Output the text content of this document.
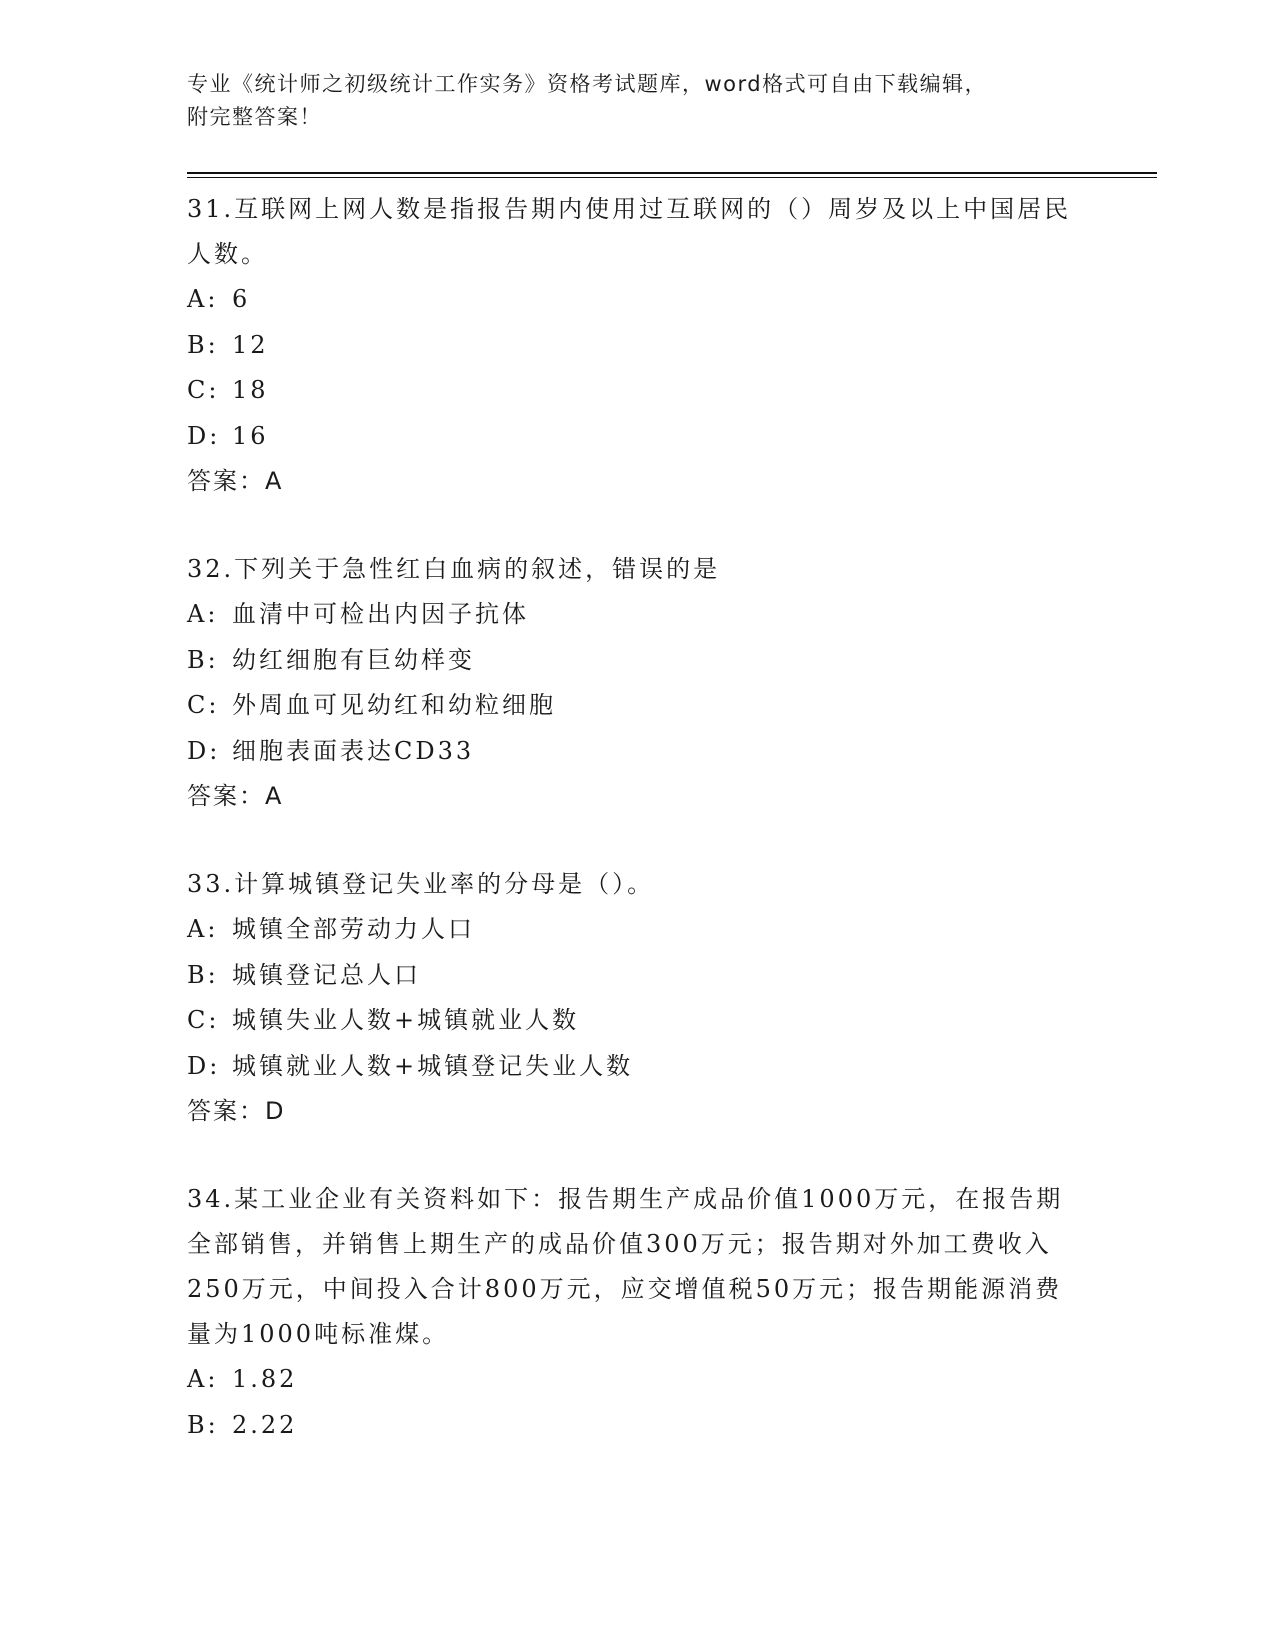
专业《统计师之初级统计工作实务》资格考试题库，word格式可自由下载编辑，
附完整答案！

31.互联网上网人数是指报告期内使用过互联网的（）周岁及以上中国居民人数。

A: 6

B: 12

C: 18

D: 16

答案：A

32.下列关于急性红白血病的叙述，错误的是

A: 血清中可检出内因子抗体

B: 幼红细胞有巨幼样变

C: 外周血可见幼红和幼粒细胞

D: 细胞表面表达CD33

答案：A

33.计算城镇登记失业率的分母是（）。

A: 城镇全部劳动力人口

B: 城镇登记总人口

C: 城镇失业人数+城镇就业人数

D: 城镇就业人数+城镇登记失业人数

答案：D

34.某工业企业有关资料如下：报告期生产成品价值1000万元，在报告期全部销售，并销售上期生产的成品价值300万元；报告期对外加工费收入250万元，中间投入合计800万元，应交增值税50万元；报告期能源消费量为1000吨标准煤。

A: 1.82

B: 2.22
